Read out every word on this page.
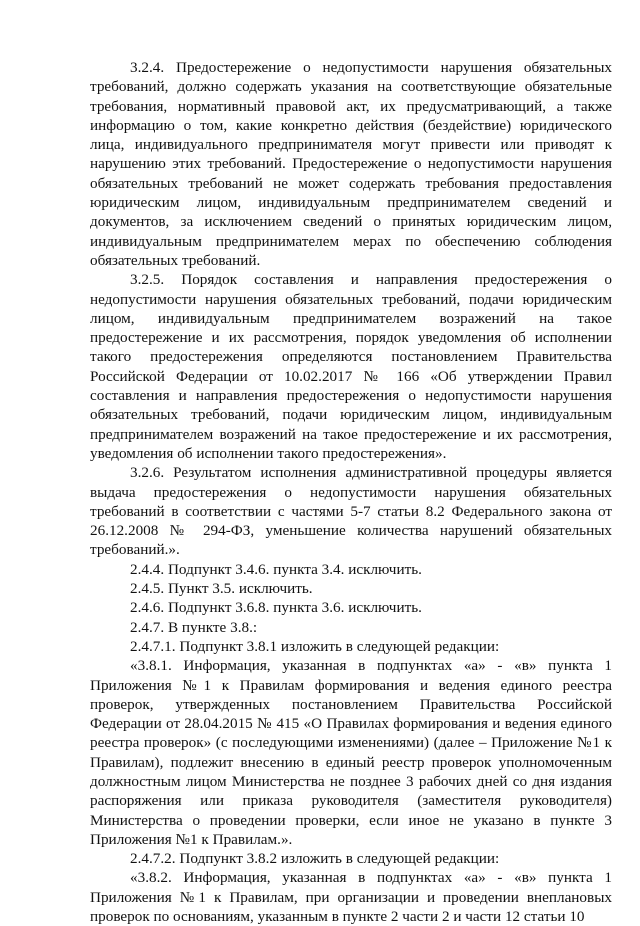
3.2.4. Предостережение о недопустимости нарушения обязательных требований, должно содержать указания на соответствующие обязательные требования, нормативный правовой акт, их предусматривающий, а также информацию о том, какие конкретно действия (бездействие) юридического лица, индивидуального предпринимателя могут привести или приводят к нарушению этих требований. Предостережение о недопустимости нарушения обязательных требований не может содержать требования предоставления юридическим лицом, индивидуальным предпринимателем сведений и документов, за исключением сведений о принятых юридическим лицом, индивидуальным предпринимателем мерах по обеспечению соблюдения обязательных требований.

3.2.5. Порядок составления и направления предостережения о недопустимости нарушения обязательных требований, подачи юридическим лицом, индивидуальным предпринимателем возражений на такое предостережение и их рассмотрения, порядок уведомления об исполнении такого предостережения определяются постановлением Правительства Российской Федерации от 10.02.2017 № 166 «Об утверждении Правил составления и направления предостережения о недопустимости нарушения обязательных требований, подачи юридическим лицом, индивидуальным предпринимателем возражений на такое предостережение и их рассмотрения, уведомления об исполнении такого предостережения».

3.2.6. Результатом исполнения административной процедуры является выдача предостережения о недопустимости нарушения обязательных требований в соответствии с частями 5-7 статьи 8.2 Федерального закона от 26.12.2008 № 294-ФЗ, уменьшение количества нарушений обязательных требований.».

2.4.4. Подпункт 3.4.6. пункта 3.4. исключить.

2.4.5. Пункт 3.5. исключить.

2.4.6. Подпункт 3.6.8. пункта 3.6. исключить.

2.4.7. В пункте 3.8.:

2.4.7.1. Подпункт 3.8.1 изложить в следующей редакции:

«3.8.1. Информация, указанная в подпунктах «а» - «в» пункта 1 Приложения №1 к Правилам формирования и ведения единого реестра проверок, утвержденных постановлением Правительства Российской Федерации от 28.04.2015 № 415 «О Правилах формирования и ведения единого реестра проверок» (с последующими изменениями) (далее – Приложение №1 к Правилам), подлежит внесению в единый реестр проверок уполномоченным должностным лицом Министерства не позднее 3 рабочих дней со дня издания распоряжения или приказа руководителя (заместителя руководителя) Министерства о проведении проверки, если иное не указано в пункте 3 Приложения №1 к Правилам.».

2.4.7.2. Подпункт 3.8.2 изложить в следующей редакции:

«3.8.2. Информация, указанная в подпунктах «а» - «в» пункта 1 Приложения №1 к Правилам, при организации и проведении внеплановых проверок по основаниям, указанным в пункте 2 части 2 и части 12 статьи 10
